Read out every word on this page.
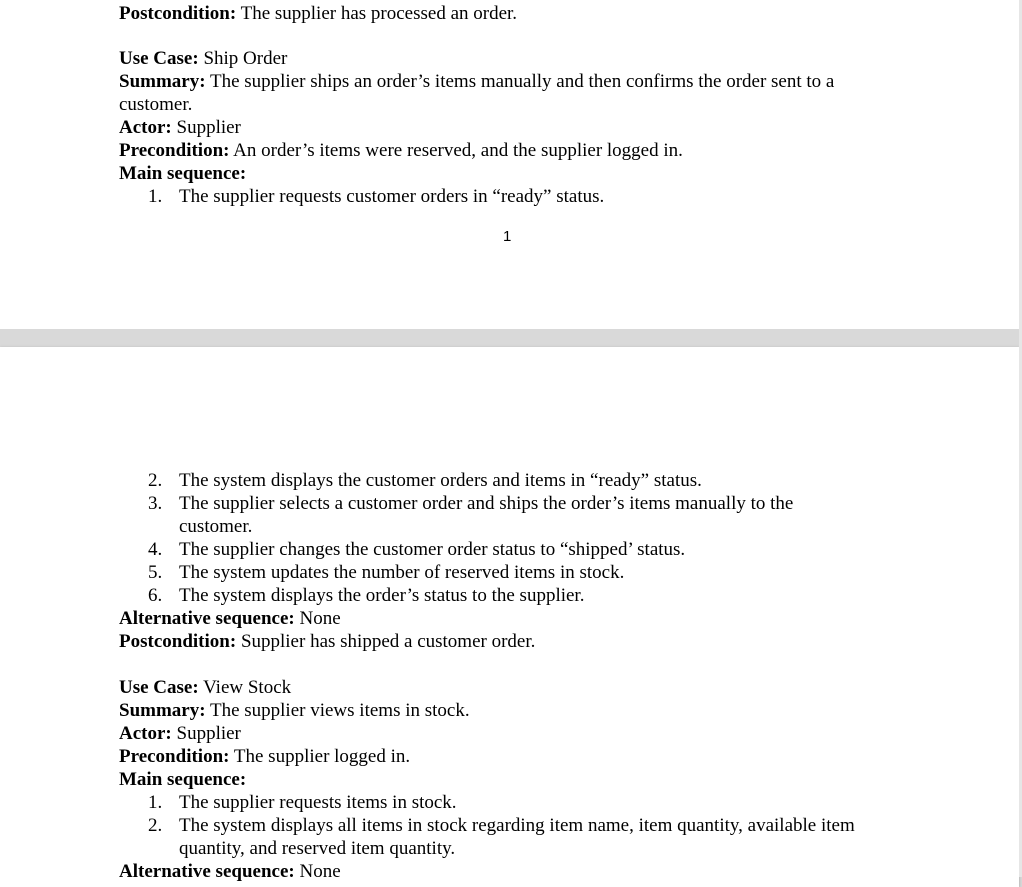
Postcondition: The supplier has processed an order.
Use Case: Ship Order
Summary: The supplier ships an order’s items manually and then confirms the order sent to a
customer.
Actor: Supplier
Precondition: An order’s items were reserved, and the supplier logged in.
Main sequence:
1. The supplier requests customer orders in “ready” status.
1
2. The system displays the customer orders and items in “ready” status.
3. The supplier selects a customer order and ships the order’s items manually to the
customer.
4. The supplier changes the customer order status to “shipped’ status.
5. The system updates the number of reserved items in stock.
6. The system displays the order’s status to the supplier.
Alternative sequence: None
Postcondition: Supplier has shipped a customer order.
Use Case: View Stock
Summary: The supplier views items in stock.
Actor: Supplier
Precondition: The supplier logged in.
Main sequence:
1. The supplier requests items in stock.
2. The system displays all items in stock regarding item name, item quantity, available item
quantity, and reserved item quantity.
Alternative sequence: None
